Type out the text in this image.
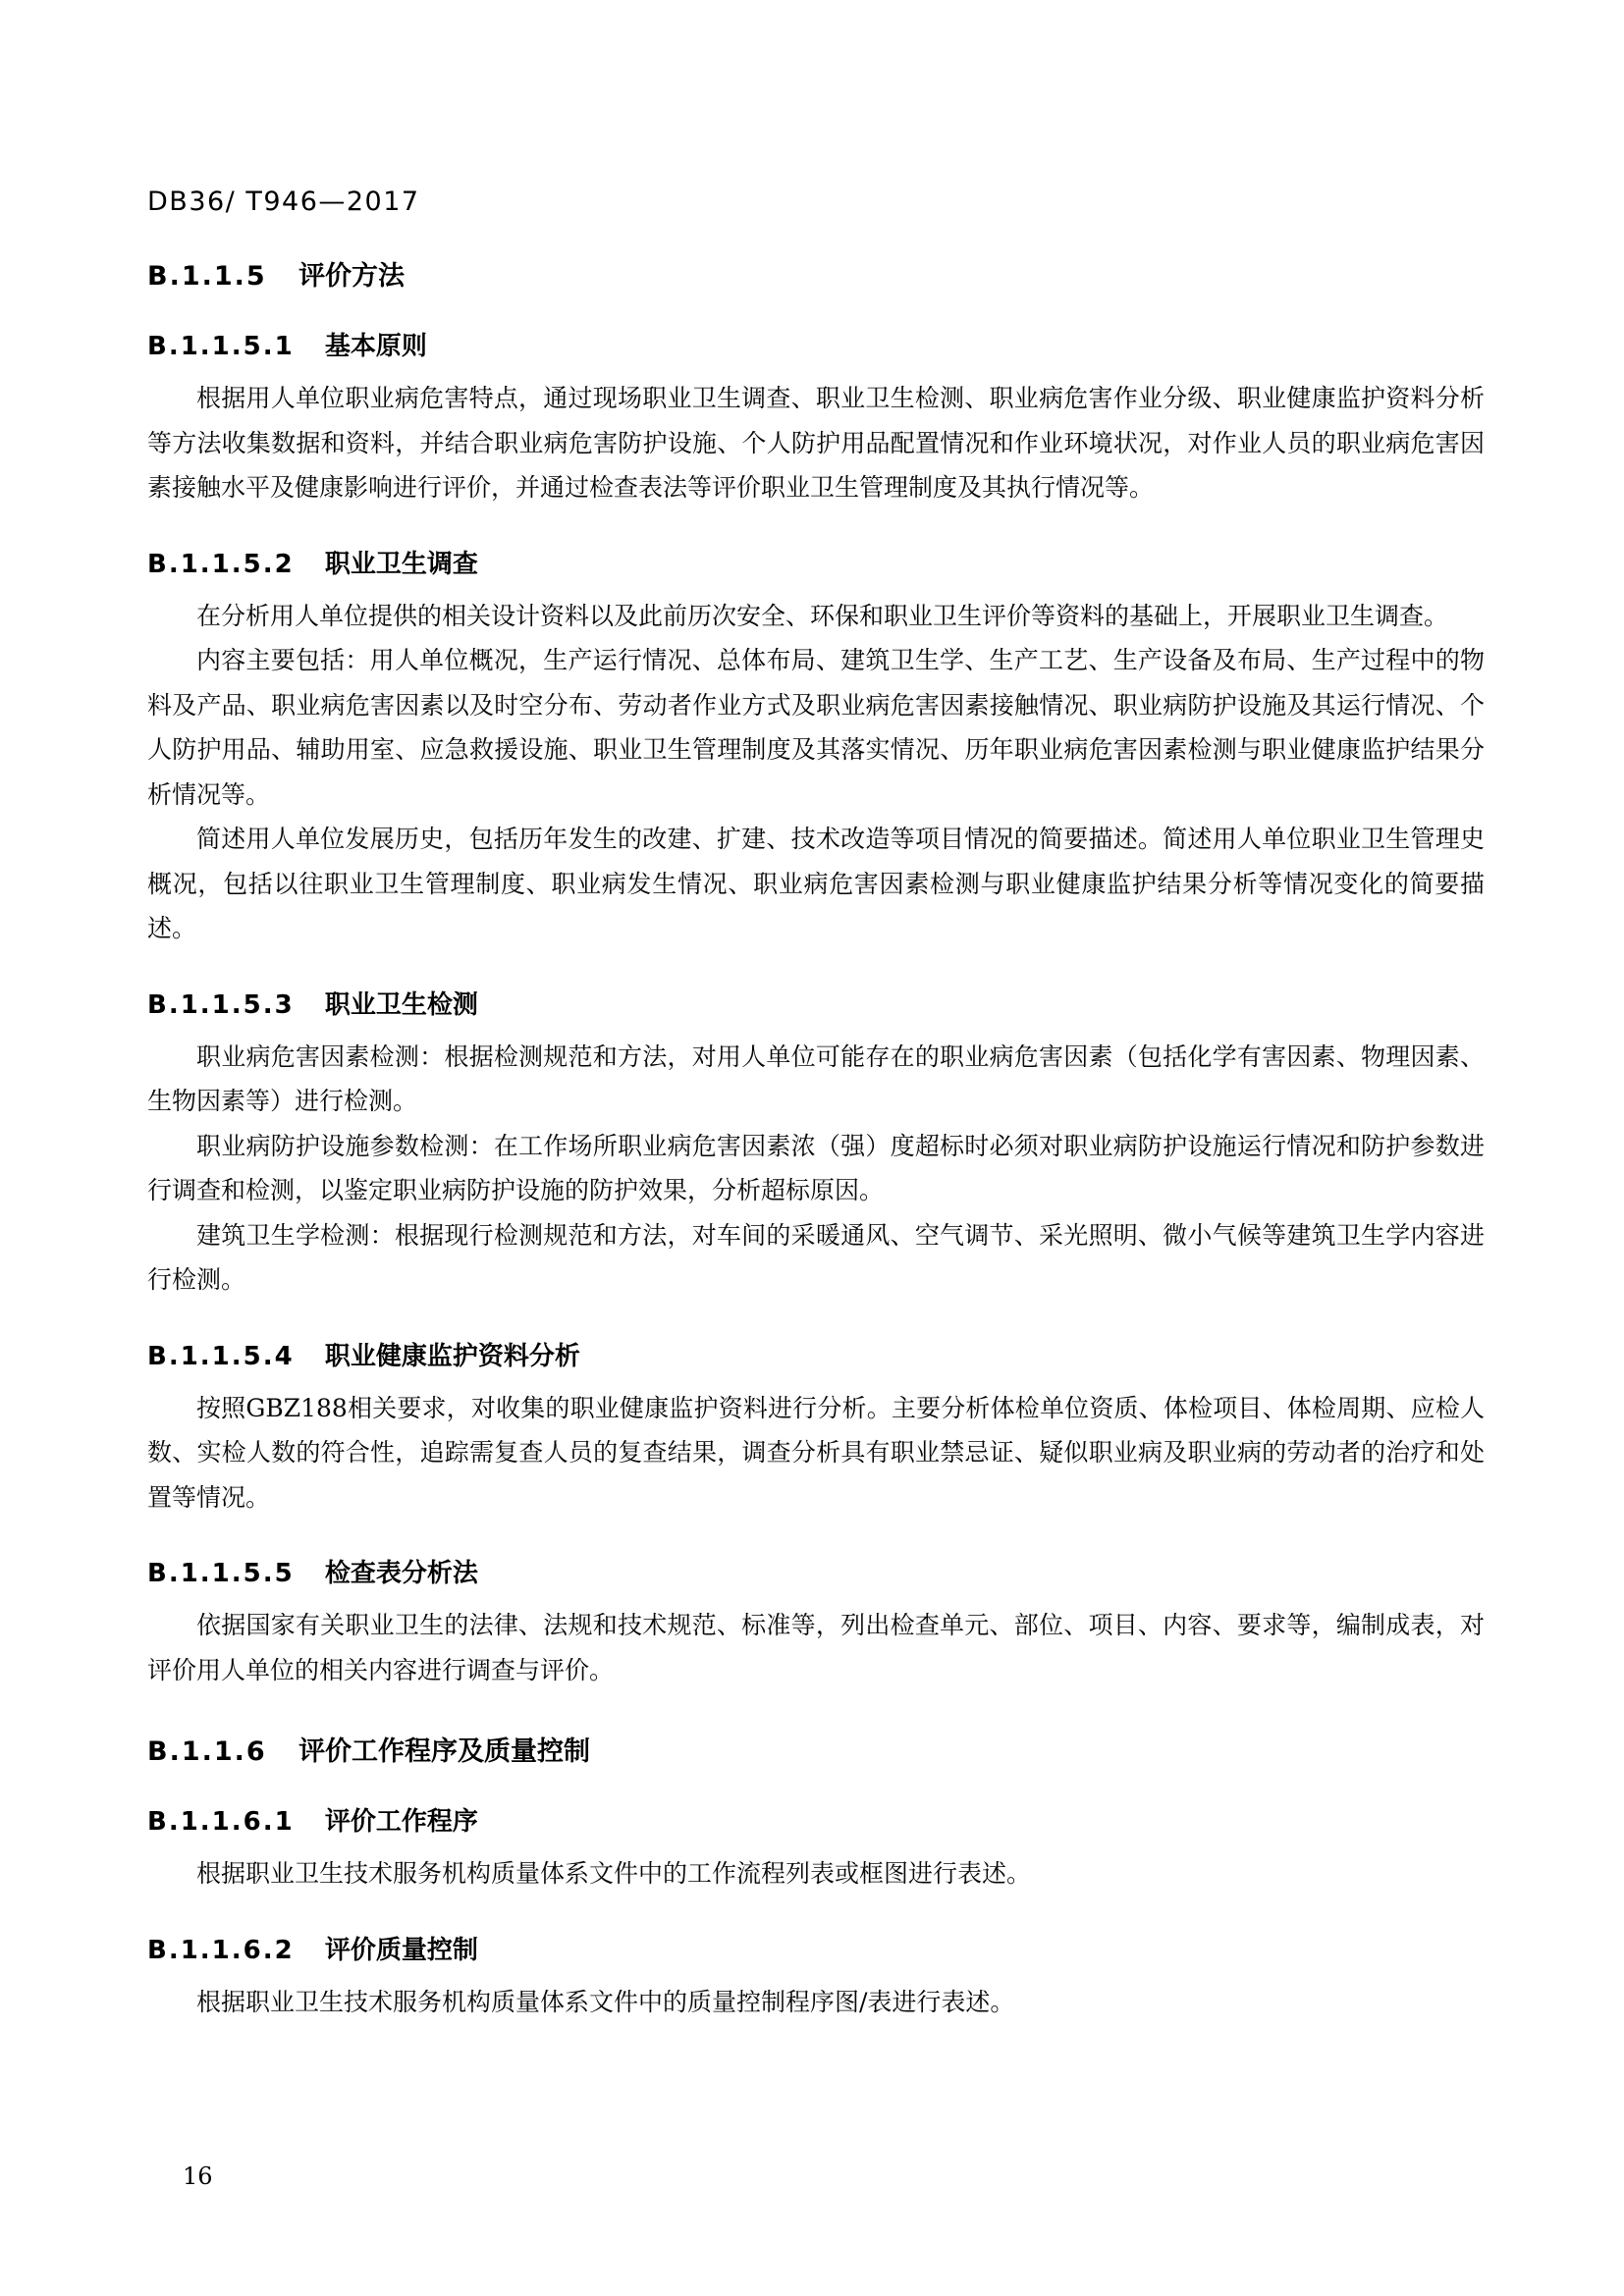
DB36/ T946—2017
B.1.1.5 评价方法
B.1.1.5.1 基本原则

根据用人单位职业病危害特点，通过现场职业卫生调查、职业卫生检测、职业病危害作业分级、职业健康监护资料分析等方法收集数据和资料，并结合职业病危害防护设施、个人防护用品配置情况和作业环境状况，对作业人员的职业病危害因素接触水平及健康影响进行评价，并通过检查表法等评价职业卫生管理制度及其执行情况等。

B.1.1.5.2 职业卫生调查

在分析用人单位提供的相关设计资料以及此前历次安全、环保和职业卫生评价等资料的基础上，开展职业卫生调查。

内容主要包括：用人单位概况，生产运行情况、总体布局、建筑卫生学、生产工艺、生产设备及布局、生产过程中的物料及产品、职业病危害因素以及时空分布、劳动者作业方式及职业病危害因素接触情况、职业病防护设施及其运行情况、个人防护用品、辅助用室、应急救援设施、职业卫生管理制度及其落实情况、历年职业病危害因素检测与职业健康监护结果分析情况等。

简述用人单位发展历史，包括历年发生的改建、扩建、技术改造等项目情况的简要描述。简述用人单位职业卫生管理史概况，包括以往职业卫生管理制度、职业病发生情况、职业病危害因素检测与职业健康监护结果分析等情况变化的简要描述。

B.1.1.5.3 职业卫生检测

职业病危害因素检测：根据检测规范和方法，对用人单位可能存在的职业病危害因素（包括化学有害因素、物理因素、生物因素等）进行检测。

职业病防护设施参数检测：在工作场所职业病危害因素浓（强）度超标时必须对职业病防护设施运行情况和防护参数进行调查和检测，以鉴定职业病防护设施的防护效果，分析超标原因。

建筑卫生学检测：根据现行检测规范和方法，对车间的采暖通风、空气调节、采光照明、微小气候等建筑卫生学内容进行检测。

B.1.1.5.4 职业健康监护资料分析

按照GBZ188相关要求，对收集的职业健康监护资料进行分析。主要分析体检单位资质、体检项目、体检周期、应检人数、实检人数的符合性，追踪需复查人员的复查结果，调查分析具有职业禁忌证、疑似职业病及职业病的劳动者的治疗和处置等情况。

B.1.1.5.5 检查表分析法

依据国家有关职业卫生的法律、法规和技术规范、标准等，列出检查单元、部位、项目、内容、要求等，编制成表，对评价用人单位的相关内容进行调查与评价。

B.1.1.6 评价工作程序及质量控制
B.1.1.6.1 评价工作程序

根据职业卫生技术服务机构质量体系文件中的工作流程列表或框图进行表述。

B.1.1.6.2 评价质量控制

根据职业卫生技术服务机构质量体系文件中的质量控制程序图/表进行表述。

16
